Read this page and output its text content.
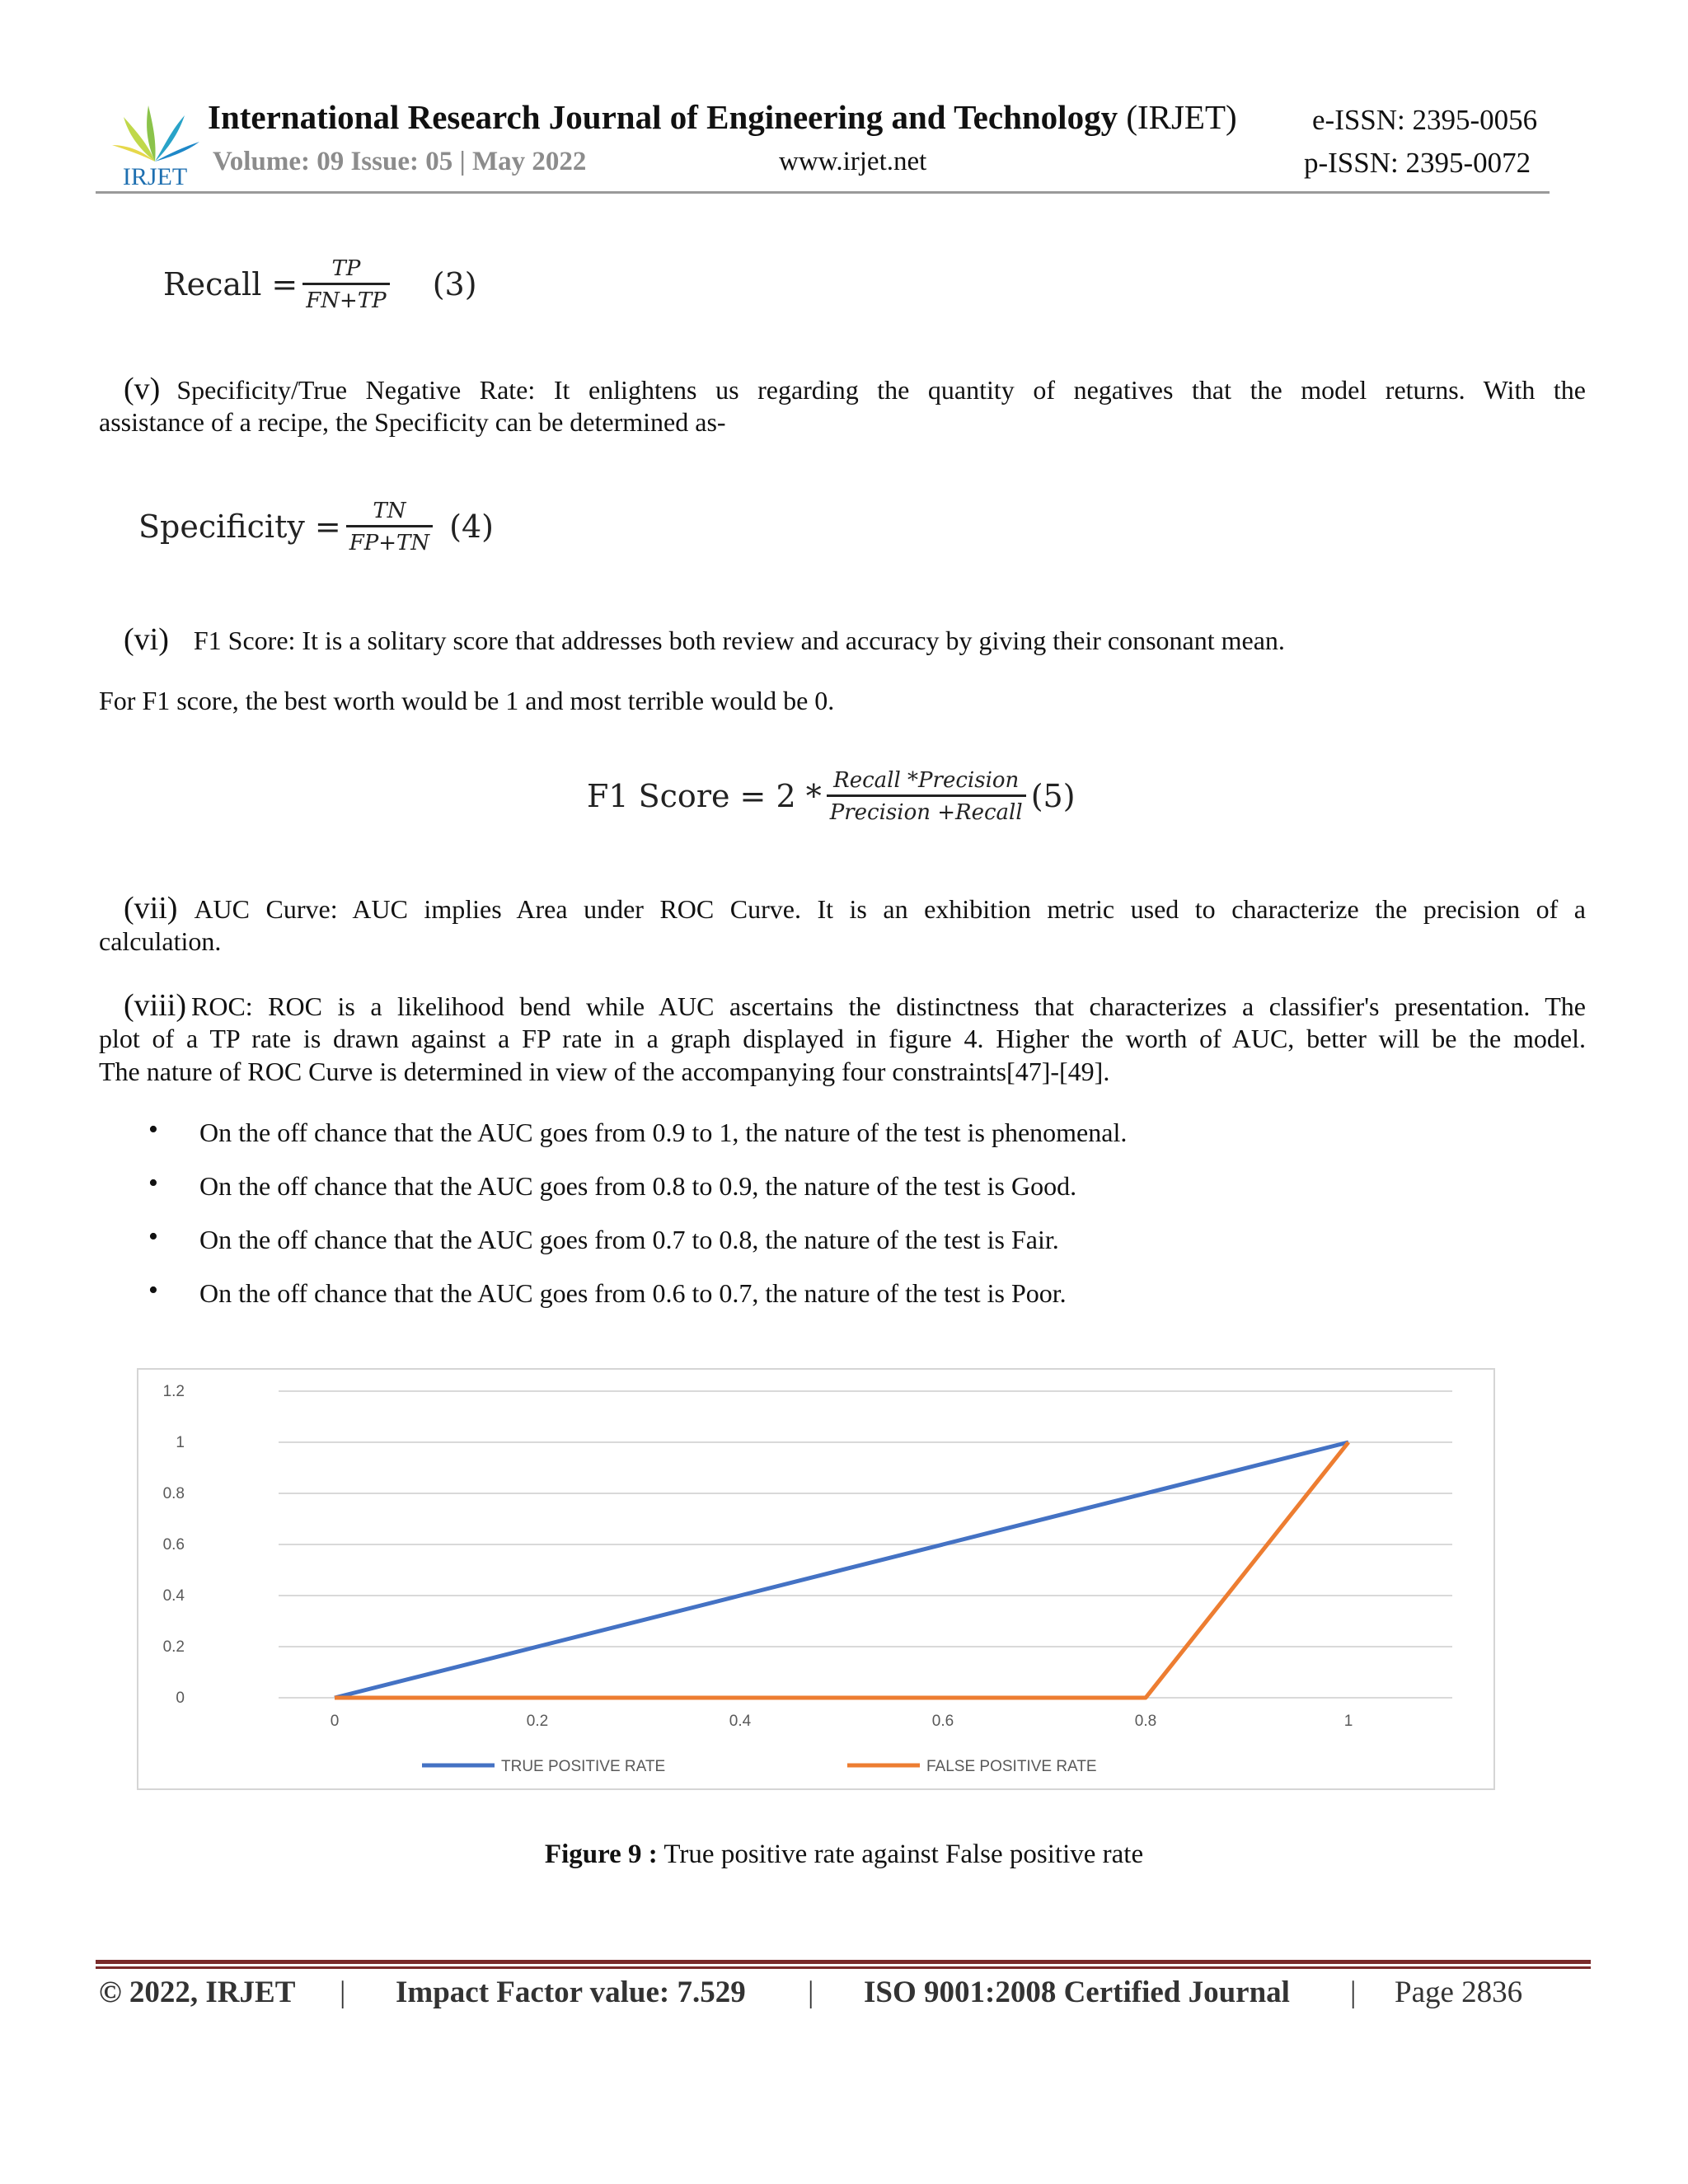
IRJET
International Research Journal of Engineering and Technology (IRJET)	e-ISSN: 2395-0056
Volume: 09 Issue: 05 | May 2022	www.irjet.net	p-ISSN: 2395-0072
Recall = $\frac{TP}{FN+TP} (3)$
(v) Specificity/True Negative Rate: It enlightens us regarding the quantity of negatives that the model returns. With the
assistance of a recipe, the Specificity can be determined as-
Specificity = $\frac{TN}{FP+TN} (4)$
(vi) F1 Score: It is a solitary score that addresses both review and accuracy by giving their consonant mean.
For F1 score, the best worth would be 1 and most terrible would be 0.
F1 Score = $2 * \frac{\text{Recall *Precision}}{\text{Precision +Recall}} (5)$
(vii) AUC Curve: AUC implies Area under ROC Curve. It is an exhibition metric used to characterize the precision of a
calculation.
(viii) ROC: ROC is a likelihood bend while AUC ascertains the distinctness that characterizes a classifier's presentation. The
plot of a TP rate is drawn against a FP rate in a graph displayed in figure 4. Higher the worth of AUC, better will be the model.
The nature of ROC Curve is determined in view of the accompanying four constraints[47]-[49].
• On the off chance that the AUC goes from 0.9 to 1, the nature of the test is phenomenal.
• On the off chance that the AUC goes from 0.8 to 0.9, the nature of the test is Good.
• On the off chance that the AUC goes from 0.7 to 0.8, the nature of the test is Fair.
• On the off chance that the AUC goes from 0.6 to 0.7, the nature of the test is Poor.
0
0.2
0.4
0.6
0.8
1
1.2
0	0.2	0.4	0.6	0.8	1
TRUE POSITIVE RATE	FALSE POSITIVE RATE
Figure 9 : True positive rate against False positive rate
© 2022, IRJET | Impact Factor value: 7.529 | ISO 9001:2008 Certified Journal | Page 2836
